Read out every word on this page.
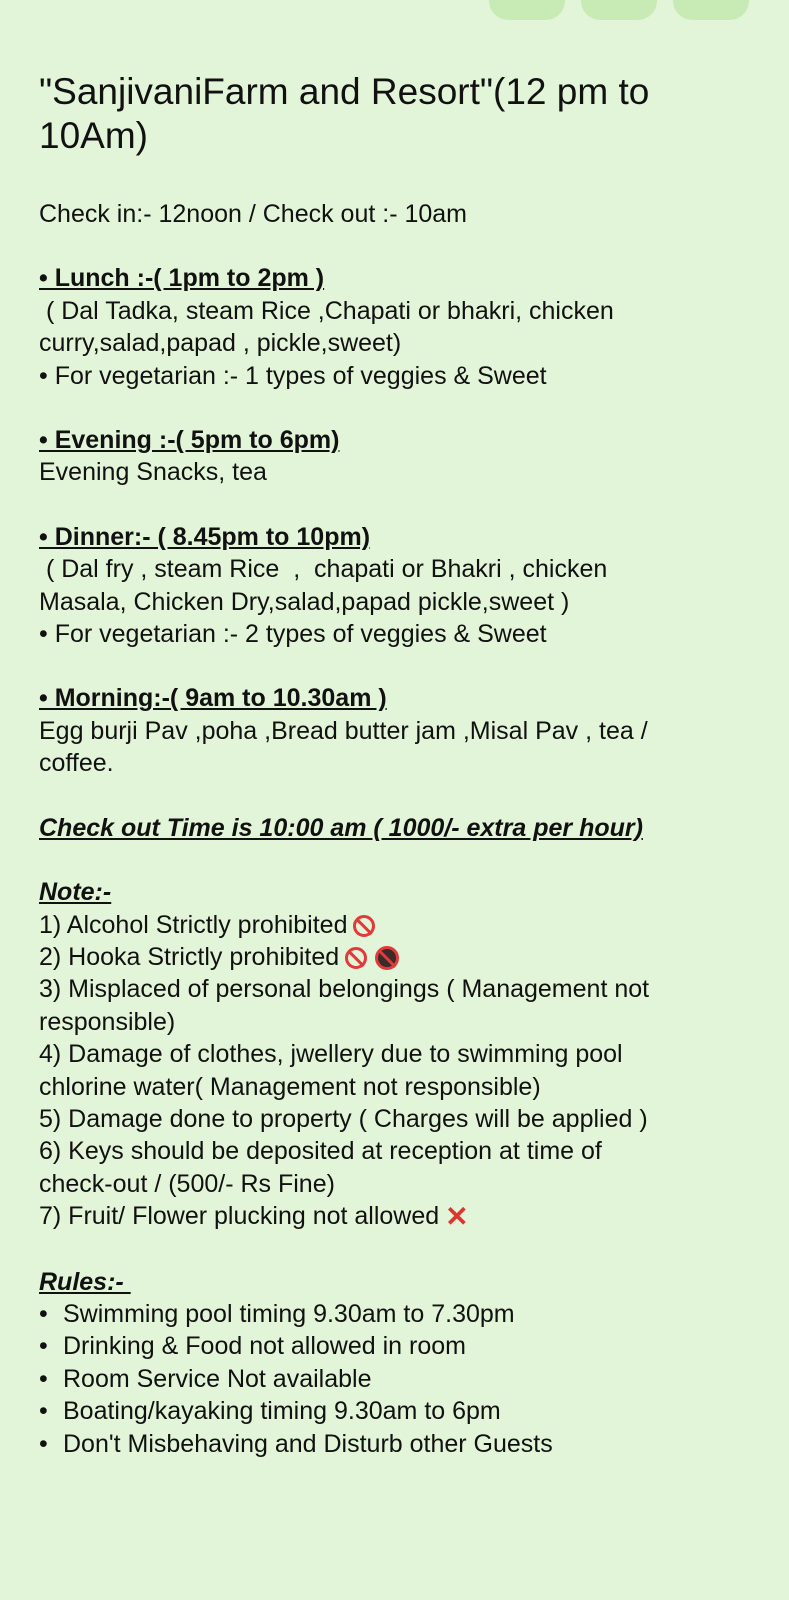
"SanjivaniFarm and Resort"(12 pm to 10Am)
Check in:- 12noon / Check out :- 10am
• Lunch :-( 1pm to 2pm )
( Dal Tadka, steam Rice ,Chapati or bhakri, chicken
curry,salad,papad , pickle,sweet)
• For vegetarian :- 1 types of veggies & Sweet
• Evening :-( 5pm to 6pm)
Evening Snacks, tea
• Dinner:- ( 8.45pm to 10pm)
( Dal fry , steam Rice  ,  chapati or Bhakri , chicken
Masala, Chicken Dry,salad,papad pickle,sweet )
• For vegetarian :- 2 types of veggies & Sweet
• Morning:-( 9am to 10.30am )
Egg burji Pav ,poha ,Bread butter jam ,Misal Pav , tea /
coffee.
Check out Time is 10:00 am ( 1000/- extra per hour)
Note:-
1) Alcohol Strictly prohibited
2) Hooka Strictly prohibited
3) Misplaced of personal belongings ( Management not
responsible)
4) Damage of clothes, jwellery due to swimming pool
chlorine water( Management not responsible)
5) Damage done to property ( Charges will be applied )
6) Keys should be deposited at reception at time of
check-out / (500/- Rs Fine)
7) Fruit/ Flower plucking not allowed ✕
Rules:-
• Swimming pool timing 9.30am to 7.30pm
• Drinking & Food not allowed in room
• Room Service Not available
• Boating/kayaking timing 9.30am to 6pm
• Don't Misbehaving and Disturb other Guests
